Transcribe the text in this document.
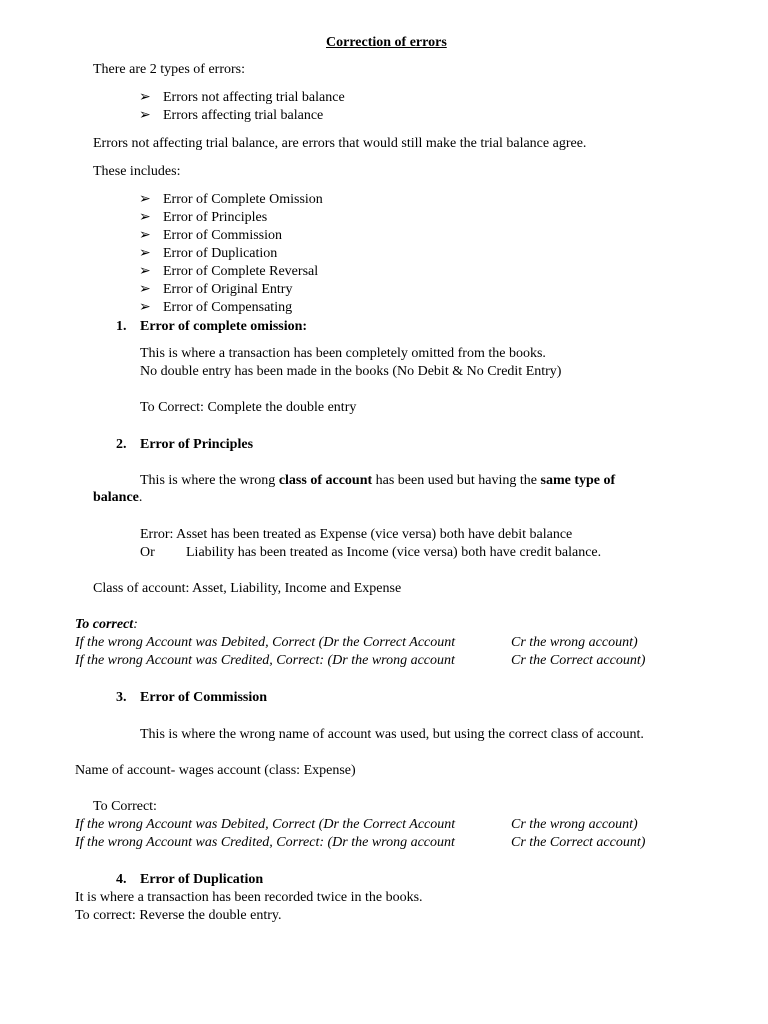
Correction of errors
There are 2 types of errors:
➢ Errors not affecting trial balance
➢ Errors affecting trial balance
Errors not affecting trial balance, are errors that would still make the trial balance agree.
These includes:
➢ Error of Complete Omission
➢ Error of Principles
➢ Error of Commission
➢ Error of Duplication
➢ Error of Complete Reversal
➢ Error of Original Entry
➢ Error of Compensating
1. Error of complete omission:
This is where a transaction has been completely omitted from the books.
No double entry has been made in the books (No Debit & No Credit Entry)
To Correct: Complete the double entry
2. Error of Principles
This is where the wrong class of account has been used but having the same type of
balance.
Error: Asset has been treated as Expense (vice versa) both have debit balance
Or Liability has been treated as Income (vice versa) both have credit balance.
Class of account: Asset, Liability, Income and Expense
To correct:
If the wrong Account was Debited, Correct (Dr the Correct Account	Cr the wrong account)
If the wrong Account was Credited, Correct: (Dr the wrong account	Cr the Correct account)
3. Error of Commission
This is where the wrong name of account was used, but using the correct class of account.
Name of account- wages account (class: Expense)
To Correct:
If the wrong Account was Debited, Correct (Dr the Correct Account	Cr the wrong account)
If the wrong Account was Credited, Correct: (Dr the wrong account	Cr the Correct account)
4. Error of Duplication
It is where a transaction has been recorded twice in the books.
To correct: Reverse the double entry.
